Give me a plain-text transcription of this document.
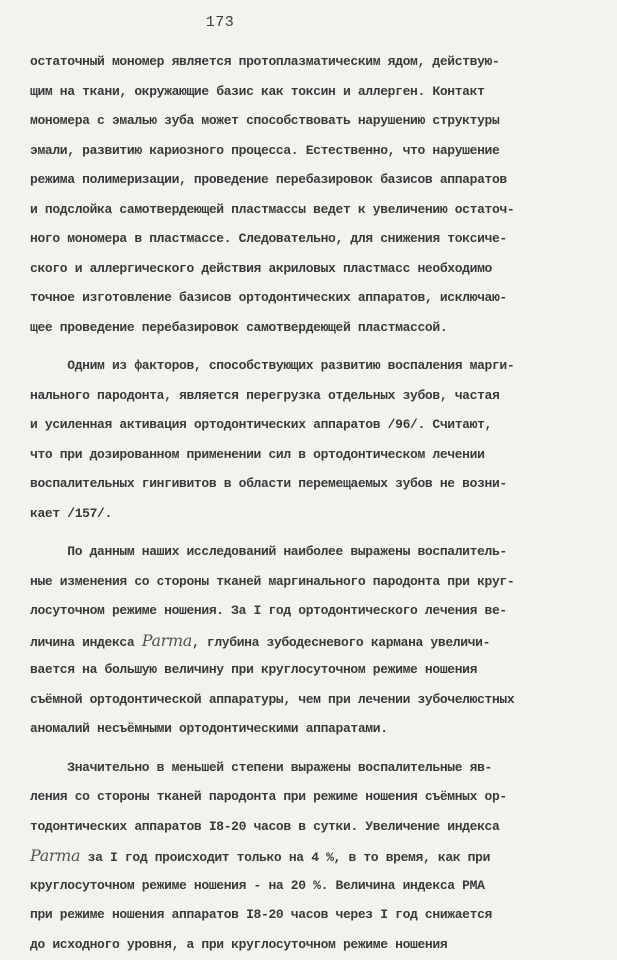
173
остаточный мономер является протоплазматическим ядом, действую-
щим на ткани, окружающие базис как токсин и аллерген. Контакт
мономера с эмалью зуба может способствовать нарушению структуры
эмали, развитию кариозного процесса. Естественно, что нарушение
режима полимеризации, проведение перебазировок базисов аппаратов
и подслойка самотвердеющей пластмассы ведет к увеличению остаточ-
ного мономера в пластмассе. Следовательно, для снижения токсиче-
ского и аллергического действия акриловых пластмасс необходимо
точное изготовление базисов ортодонтических аппаратов, исключаю-
щее проведение перебазировок самотвердеющей пластмассой.
Одним из факторов, способствующих развитию воспаления марги-
нального пародонта, является перегрузка отдельных зубов, частая
и усиленная активация ортодонтических аппаратов /96/. Считают,
что при дозированном применении сил в ортодонтическом лечении
воспалительных гингивитов в области перемещаемых зубов не возни-
кает /157/.
По данным наших исследований наиболее выражены воспалитель-
ные изменения со стороны тканей маргинального пародонта при круг-
лосуточном режиме ношения. За I год ортодонтического лечения ве-
личина индекса Parma, глубина зубодесневого кармана увеличи-
вается на большую величину при круглосуточном режиме ношения
съёмной ортодонтической аппаратуры, чем при лечении зубочелюстных
аномалий несъёмными ортодонтическими аппаратами.
Значительно в меньшей степени выражены воспалительные яв-
ления со стороны тканей пародонта при режиме ношения съёмных ор-
тодонтических аппаратов I8-20 часов в сутки. Увеличение индекса
Parma за I год происходит только на 4 %, в то время, как при
круглосуточном режиме ношения - на 20 %. Величина индекса РМА
при режиме ношения аппаратов I8-20 часов через I год снижается
до исходного уровня, а при круглосуточном режиме ношения
